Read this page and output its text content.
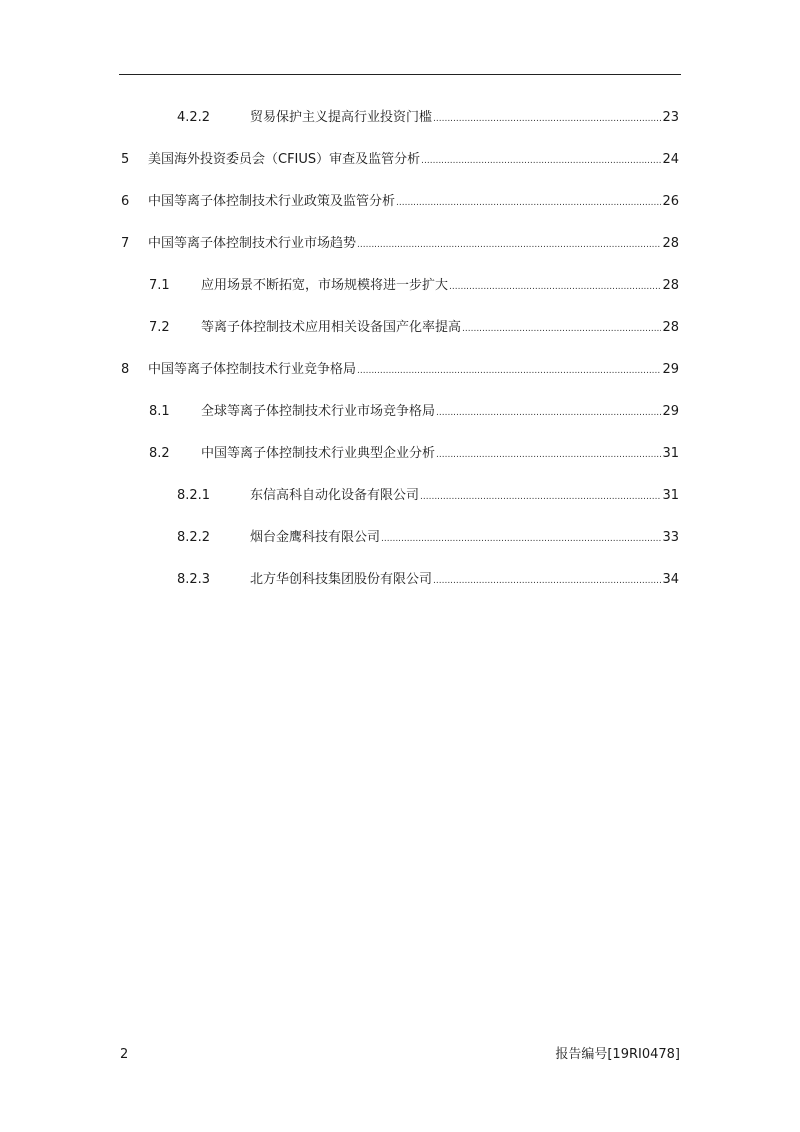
4.2.2	贸易保护主义提高行业投资门槛 .....	23
5	美国海外投资委员会（CFIUS）审查及监管分析 .....	24
6	中国等离子体控制技术行业政策及监管分析 .....	26
7	中国等离子体控制技术行业市场趋势 .....	28
7.1	应用场景不断拓宽，市场规模将进一步扩大 .....	28
7.2	等离子体控制技术应用相关设备国产化率提高 .....	28
8	中国等离子体控制技术行业竞争格局 .....	29
8.1	全球等离子体控制技术行业市场竞争格局 .....	29
8.2	中国等离子体控制技术行业典型企业分析 .....	31
8.2.1	东信高科自动化设备有限公司 .....	31
8.2.2	烟台金鹰科技有限公司 .....	33
8.2.3	北方华创科技集团股份有限公司 .....	34
2	报告编号[19RI0478]
